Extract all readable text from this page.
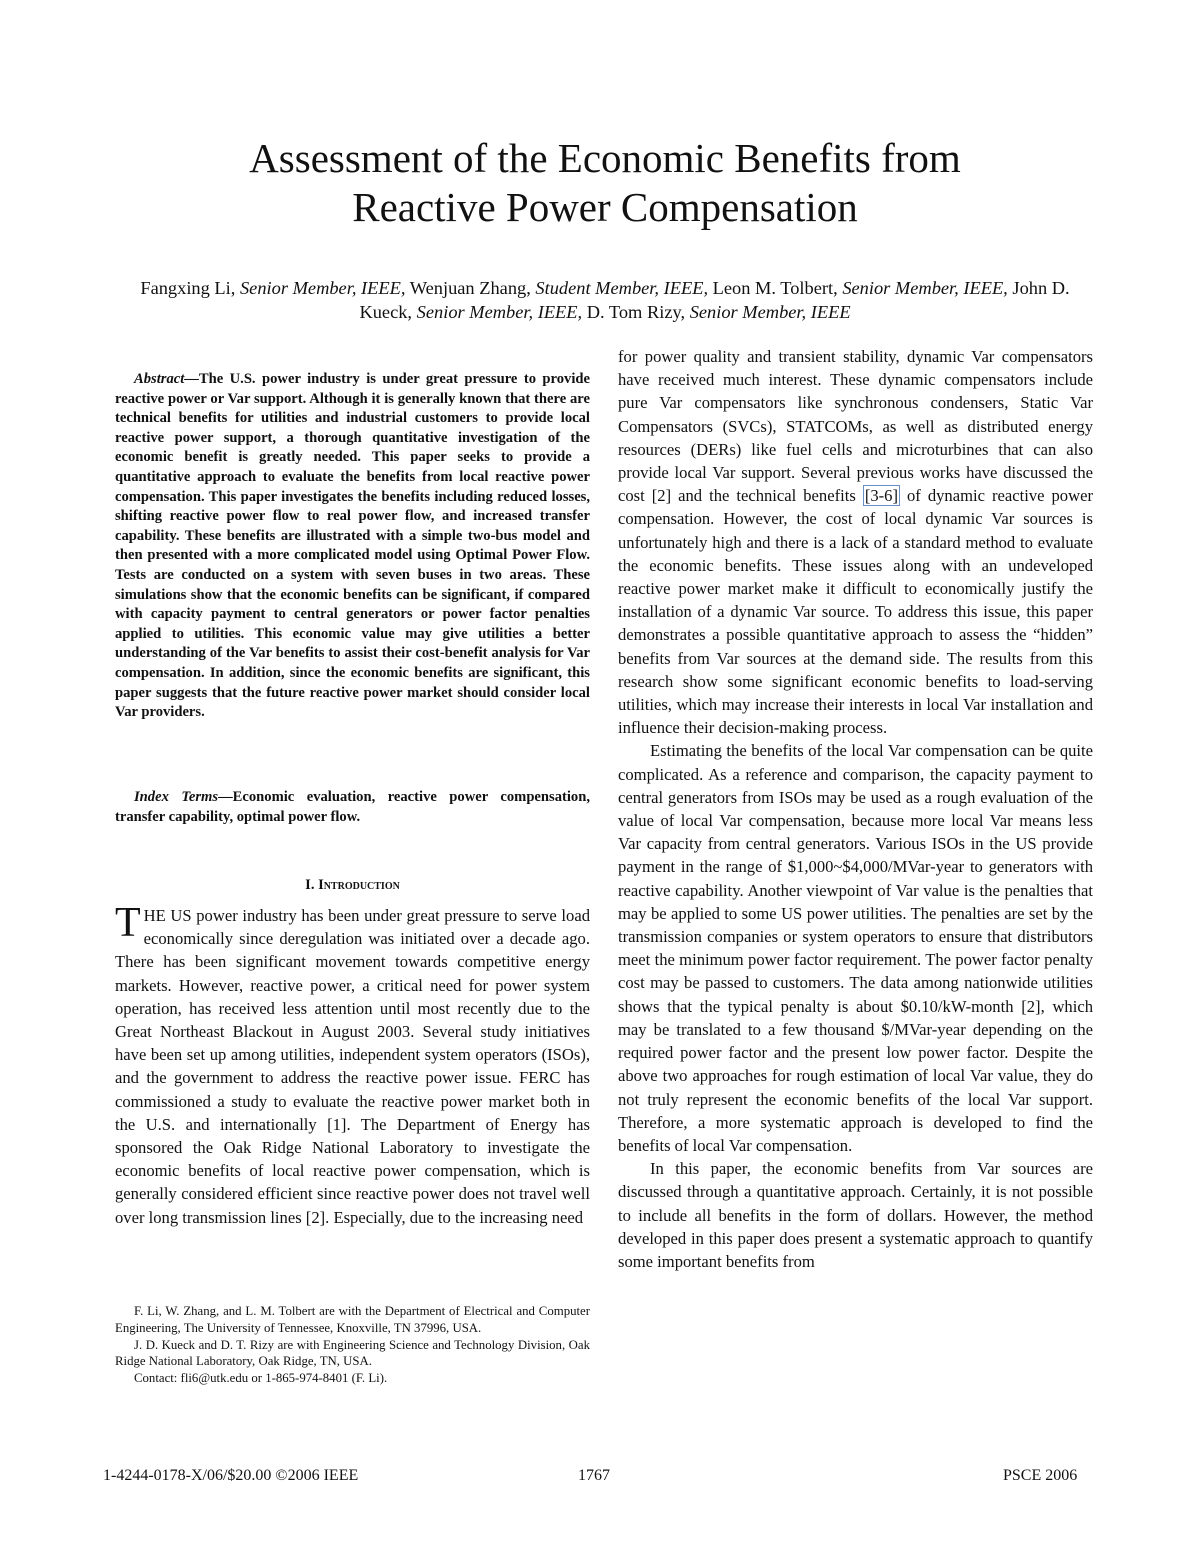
Assessment of the Economic Benefits from
Reactive Power Compensation
Fangxing Li, Senior Member, IEEE, Wenjuan Zhang, Student Member, IEEE, Leon M. Tolbert, Senior Member, IEEE, John D. Kueck, Senior Member, IEEE, D. Tom Rizy, Senior Member, IEEE

Abstract—The U.S. power industry is under great pressure to provide reactive power or Var support. Although it is generally known that there are technical benefits for utilities and industrial customers to provide local reactive power support, a thorough quantitative investigation of the economic benefit is greatly needed. This paper seeks to provide a quantitative approach to evaluate the benefits from local reactive power compensation. This paper investigates the benefits including reduced losses, shifting reactive power flow to real power flow, and increased transfer capability. These benefits are illustrated with a simple two-bus model and then presented with a more complicated model using Optimal Power Flow. Tests are conducted on a system with seven buses in two areas. These simulations show that the economic benefits can be significant, if compared with capacity payment to central generators or power factor penalties applied to utilities. This economic value may give utilities a better understanding of the Var benefits to assist their cost-benefit analysis for Var compensation. In addition, since the economic benefits are significant, this paper suggests that the future reactive power market should consider local Var providers.

Index Terms—Economic evaluation, reactive power compensation, transfer capability, optimal power flow.

I. Introduction

THE US power industry has been under great pressure to serve load economically since deregulation was initiated over a decade ago. There has been significant movement towards competitive energy markets. However, reactive power, a critical need for power system operation, has received less attention until most recently due to the Great Northeast Blackout in August 2003. Several study initiatives have been set up among utilities, independent system operators (ISOs), and the government to address the reactive power issue. FERC has commissioned a study to evaluate the reactive power market both in the U.S. and internationally [1]. The Department of Energy has sponsored the Oak Ridge National Laboratory to investigate the economic benefits of local reactive power compensation, which is generally considered efficient since reactive power does not travel well over long transmission lines [2]. Especially, due to the increasing need

F. Li, W. Zhang, and L. M. Tolbert are with the Department of Electrical and Computer Engineering, The University of Tennessee, Knoxville, TN 37996, USA.

J. D. Kueck and D. T. Rizy are with Engineering Science and Technology Division, Oak Ridge National Laboratory, Oak Ridge, TN, USA.

Contact: fli6@utk.edu or 1-865-974-8401 (F. Li).

for power quality and transient stability, dynamic Var compensators have received much interest. These dynamic compensators include pure Var compensators like synchronous condensers, Static Var Compensators (SVCs), STATCOMs, as well as distributed energy resources (DERs) like fuel cells and microturbines that can also provide local Var support. Several previous works have discussed the cost [2] and the technical benefits [3-6] of dynamic reactive power compensation. However, the cost of local dynamic Var sources is unfortunately high and there is a lack of a standard method to evaluate the economic benefits. These issues along with an undeveloped reactive power market make it difficult to economically justify the installation of a dynamic Var source. To address this issue, this paper demonstrates a possible quantitative approach to assess the “hidden” benefits from Var sources at the demand side. The results from this research show some significant economic benefits to load-serving utilities, which may increase their interests in local Var installation and influence their decision-making process.

Estimating the benefits of the local Var compensation can be quite complicated. As a reference and comparison, the capacity payment to central generators from ISOs may be used as a rough evaluation of the value of local Var compensation, because more local Var means less Var capacity from central generators. Various ISOs in the US provide payment in the range of $1,000~$4,000/MVar-year to generators with reactive capability. Another viewpoint of Var value is the penalties that may be applied to some US power utilities. The penalties are set by the transmission companies or system operators to ensure that distributors meet the minimum power factor requirement. The power factor penalty cost may be passed to customers. The data among nationwide utilities shows that the typical penalty is about $0.10/kW-month [2], which may be translated to a few thousand $/MVar-year depending on the required power factor and the present low power factor. Despite the above two approaches for rough estimation of local Var value, they do not truly represent the economic benefits of the local Var support. Therefore, a more systematic approach is developed to find the benefits of local Var compensation.

In this paper, the economic benefits from Var sources are discussed through a quantitative approach. Certainly, it is not possible to include all benefits in the form of dollars. However, the method developed in this paper does present a systematic approach to quantify some important benefits from

1-4244-0178-X/06/$20.00 ©2006 IEEE	1767	PSCE 2006
